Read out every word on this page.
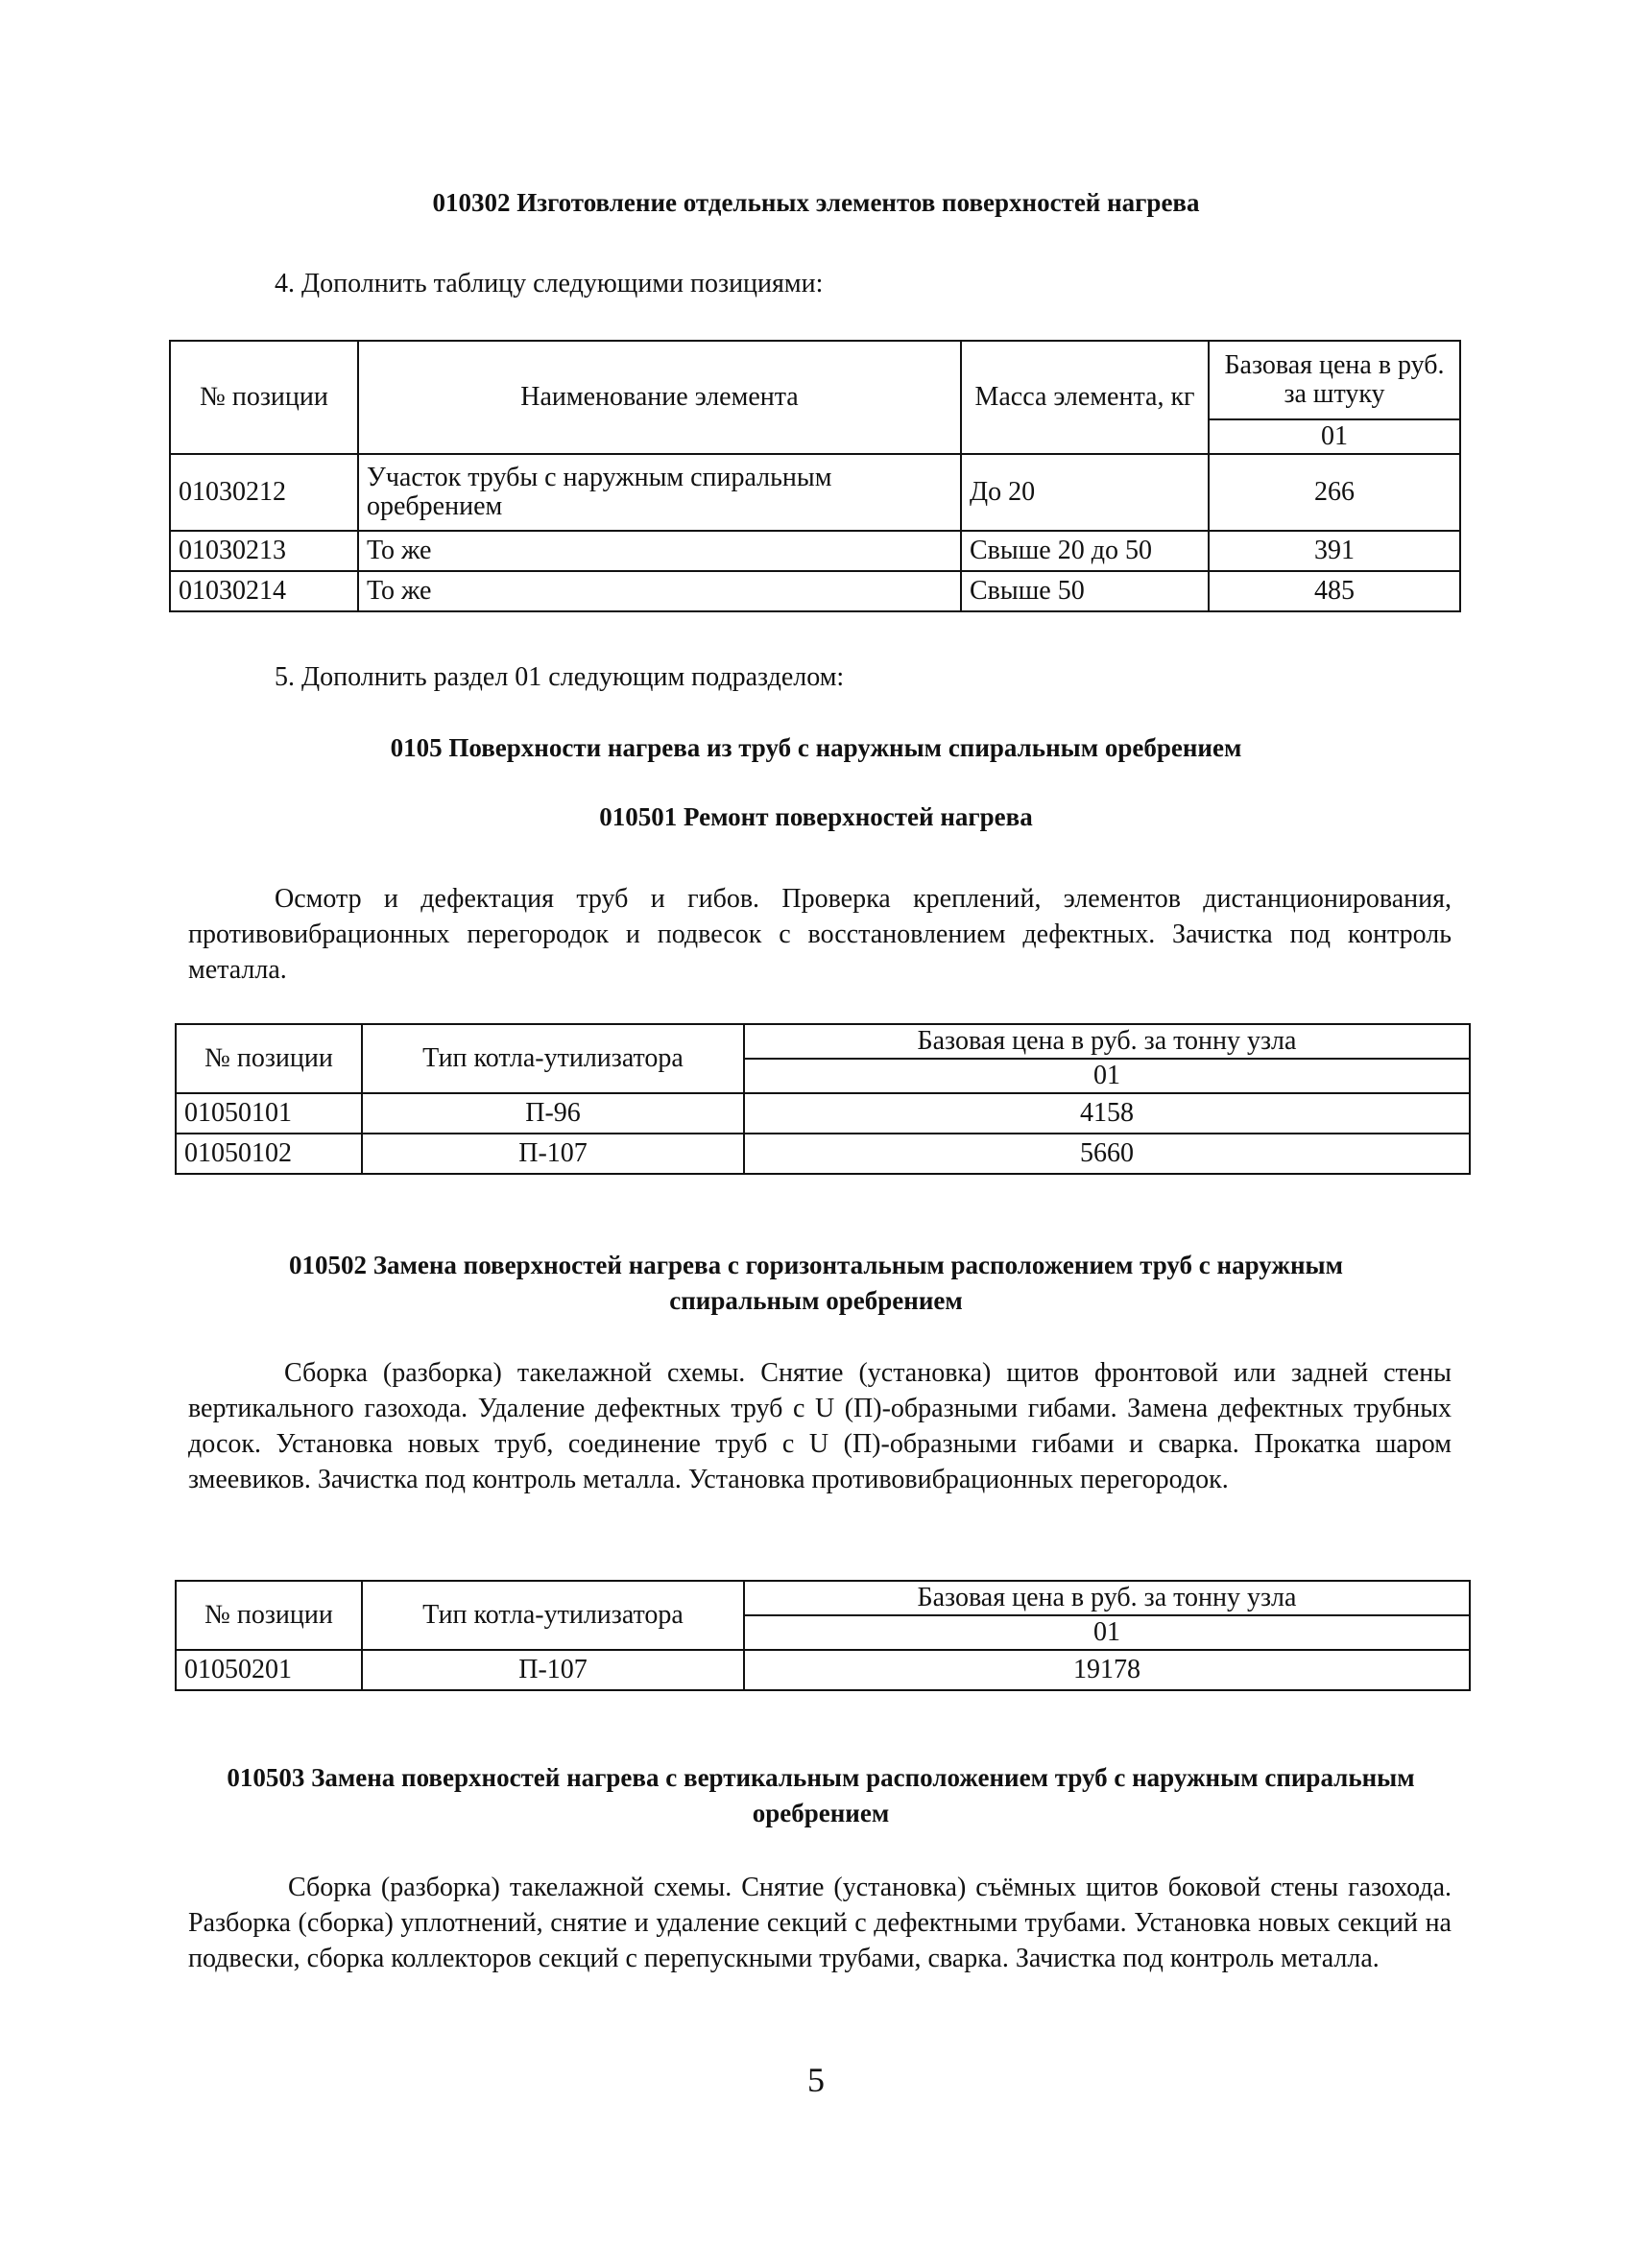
010302 Изготовление отдельных элементов поверхностей нагрева
4. Дополнить таблицу следующими позициями:
№ позиции	Наименование элемента	Масса элемента, кг	Базовая цена в руб. за штуку
			01
01030212	Участок трубы с наружным спиральным оребрением	До 20	266
01030213	То же	Свыше 20 до 50	391
01030214	То же	Свыше 50	485
5. Дополнить раздел 01 следующим подразделом:
0105 Поверхности нагрева из труб с наружным спиральным оребрением
010501 Ремонт поверхностей нагрева
Осмотр и дефектация труб и гибов. Проверка креплений, элементов дистанционирования, противовибрационных перегородок и подвесок с восстановлением дефектных. Зачистка под контроль металла.
№ позиции	Тип котла-утилизатора	Базовая цена в руб. за тонну узла
		01
01050101	П-96	4158
01050102	П-107	5660
010502 Замена поверхностей нагрева с горизонтальным расположением труб с наружным спиральным оребрением
Сборка (разборка) такелажной схемы. Снятие (установка) щитов фронтовой или задней стены вертикального газохода. Удаление дефектных труб с U (П)-образными гибами. Замена дефектных трубных досок. Установка новых труб, соединение труб с U (П)-образными гибами и сварка. Прокатка шаром змеевиков. Зачистка под контроль металла. Установка противовибрационных перегородок.
№ позиции	Тип котла-утилизатора	Базовая цена в руб. за тонну узла
		01
01050201	П-107	19178
010503 Замена поверхностей нагрева с вертикальным расположением труб с наружным спиральным оребрением
Сборка (разборка) такелажной схемы. Снятие (установка) съёмных щитов боковой стены газохода. Разборка (сборка) уплотнений, снятие и удаление секций с дефектными трубами. Установка новых секций на подвески, сборка коллекторов секций с перепускными трубами, сварка. Зачистка под контроль металла.
5
